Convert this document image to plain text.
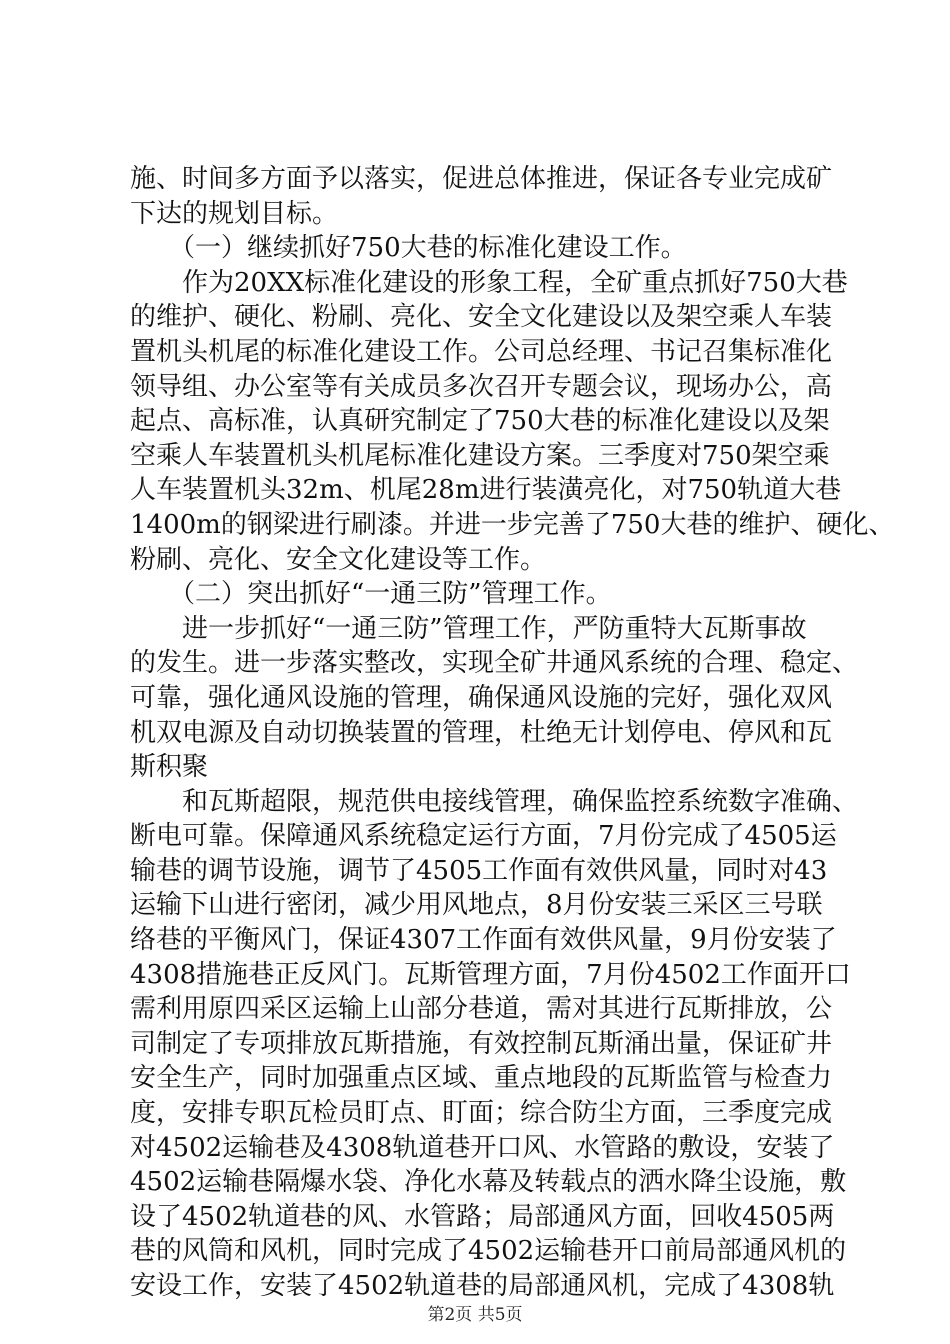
施、时间多方面予以落实，促进总体推进，保证各专业完成矿
下达的规划目标。
　　（一）继续抓好750大巷的标准化建设工作。
　　作为20XX标准化建设的形象工程，全矿重点抓好750大巷
的维护、硬化、粉刷、亮化、安全文化建设以及架空乘人车装
置机头机尾的标准化建设工作。公司总经理、书记召集标准化
领导组、办公室等有关成员多次召开专题会议，现场办公，高
起点、高标准，认真研究制定了750大巷的标准化建设以及架
空乘人车装置机头机尾标准化建设方案。三季度对750架空乘
人车装置机头32m、机尾28m进行装潢亮化，对750轨道大巷
1400m的钢梁进行刷漆。并进一步完善了750大巷的维护、硬化、
粉刷、亮化、安全文化建设等工作。
　　（二）突出抓好“一通三防”管理工作。
　　进一步抓好“一通三防”管理工作，严防重特大瓦斯事故
的发生。进一步落实整改，实现全矿井通风系统的合理、稳定、
可靠，强化通风设施的管理，确保通风设施的完好，强化双风
机双电源及自动切换装置的管理，杜绝无计划停电、停风和瓦
斯积聚
　　和瓦斯超限，规范供电接线管理，确保监控系统数字准确、
断电可靠。保障通风系统稳定运行方面，7月份完成了4505运
输巷的调节设施，调节了4505工作面有效供风量，同时对43
运输下山进行密闭，减少用风地点，8月份安装三采区三号联
络巷的平衡风门，保证4307工作面有效供风量，9月份安装了
4308措施巷正反风门。瓦斯管理方面，7月份4502工作面开口
需利用原四采区运输上山部分巷道，需对其进行瓦斯排放，公
司制定了专项排放瓦斯措施，有效控制瓦斯涌出量，保证矿井
安全生产，同时加强重点区域、重点地段的瓦斯监管与检查力
度，安排专职瓦检员盯点、盯面；综合防尘方面，三季度完成
对4502运输巷及4308轨道巷开口风、水管路的敷设，安装了
4502运输巷隔爆水袋、净化水幕及转载点的洒水降尘设施，敷
设了4502轨道巷的风、水管路；局部通风方面，回收4505两
巷的风筒和风机，同时完成了4502运输巷开口前局部通风机的
安设工作，安装了4502轨道巷的局部通风机，完成了4308轨
第2页 共5页
